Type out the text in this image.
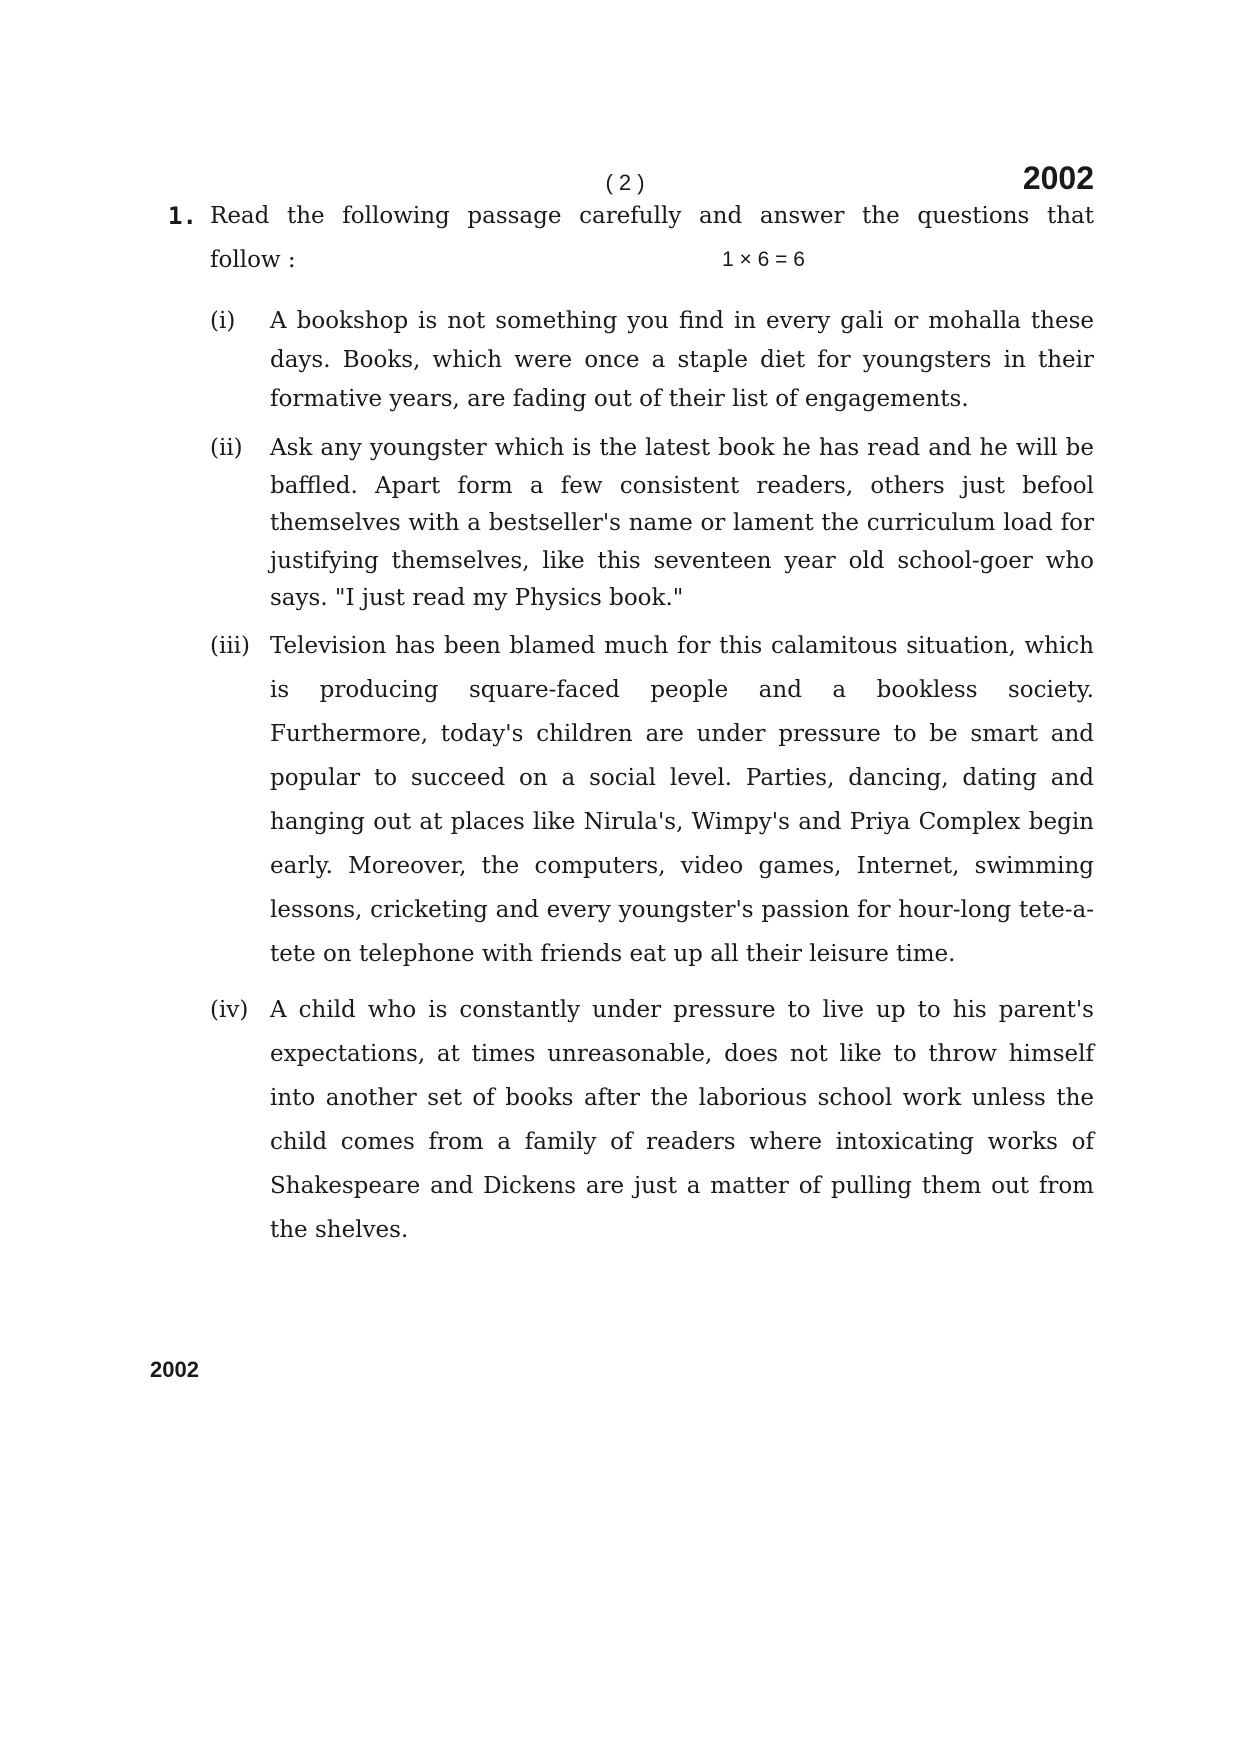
( 2 )	2002
1. Read the following passage carefully and answer the questions that
follow :	1 × 6 = 6
(i) A bookshop is not something you find in every gali or mohalla these days. Books, which were once a staple diet for youngsters in their formative years, are fading out of their list of engagements.
(ii) Ask any youngster which is the latest book he has read and he will be baffled. Apart form a few consistent readers, others just befool themselves with a bestseller's name or lament the curriculum load for justifying themselves, like this seventeen year old school-goer who says. "I just read my Physics book."
(iii) Television has been blamed much for this calamitous situation, which is producing square-faced people and a bookless society. Furthermore, today's children are under pressure to be smart and popular to succeed on a social level. Parties, dancing, dating and hanging out at places like Nirula's, Wimpy's and Priya Complex begin early. Moreover, the computers, video games, Internet, swimming lessons, cricketing and every youngster's passion for hour-long tete-a-tete on telephone with friends eat up all their leisure time.
(iv) A child who is constantly under pressure to live up to his parent's expectations, at times unreasonable, does not like to throw himself into another set of books after the laborious school work unless the child comes from a family of readers where intoxicating works of Shakespeare and Dickens are just a matter of pulling them out from the shelves.
2002
